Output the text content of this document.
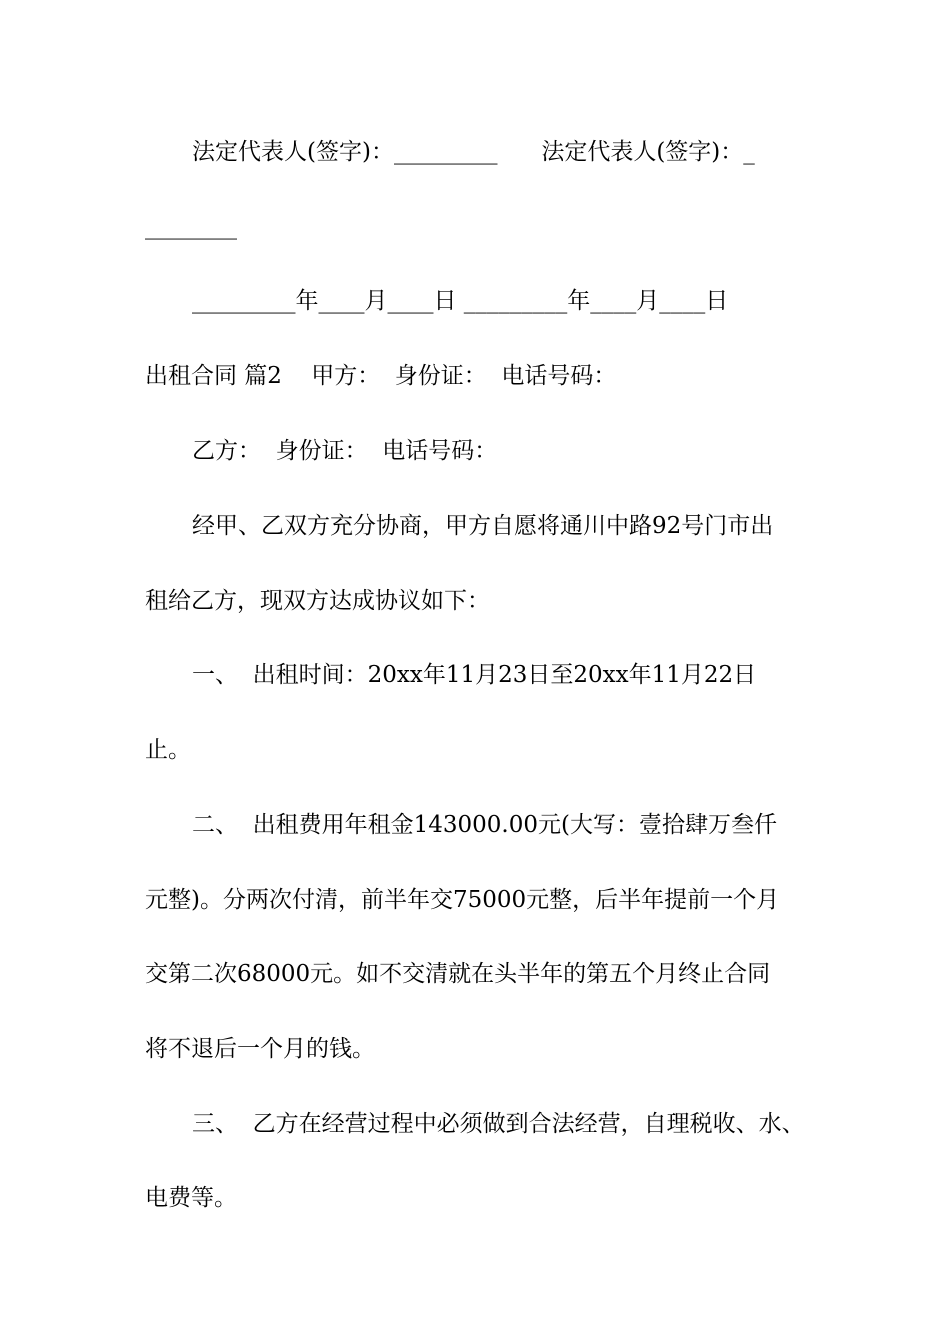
法定代表人(签字)：_________      法定代表人(签字)：_
________
_________年____月____日 _________年____月____日
出租合同 篇2    甲方：  身份证：  电话号码：
乙方：  身份证：  电话号码：
经甲、乙双方充分协商，甲方自愿将通川中路92号门市出
租给乙方，现双方达成协议如下：
一、  出租时间：20xx年11月23日至20xx年11月22日
止。
二、  出租费用年租金143000.00元(大写：壹拾肆万叁仟
元整)。分两次付清，前半年交75000元整，后半年提前一个月
交第二次68000元。如不交清就在头半年的第五个月终止合同
将不退后一个月的钱。
三、  乙方在经营过程中必须做到合法经营，自理税收、水、
电费等。
